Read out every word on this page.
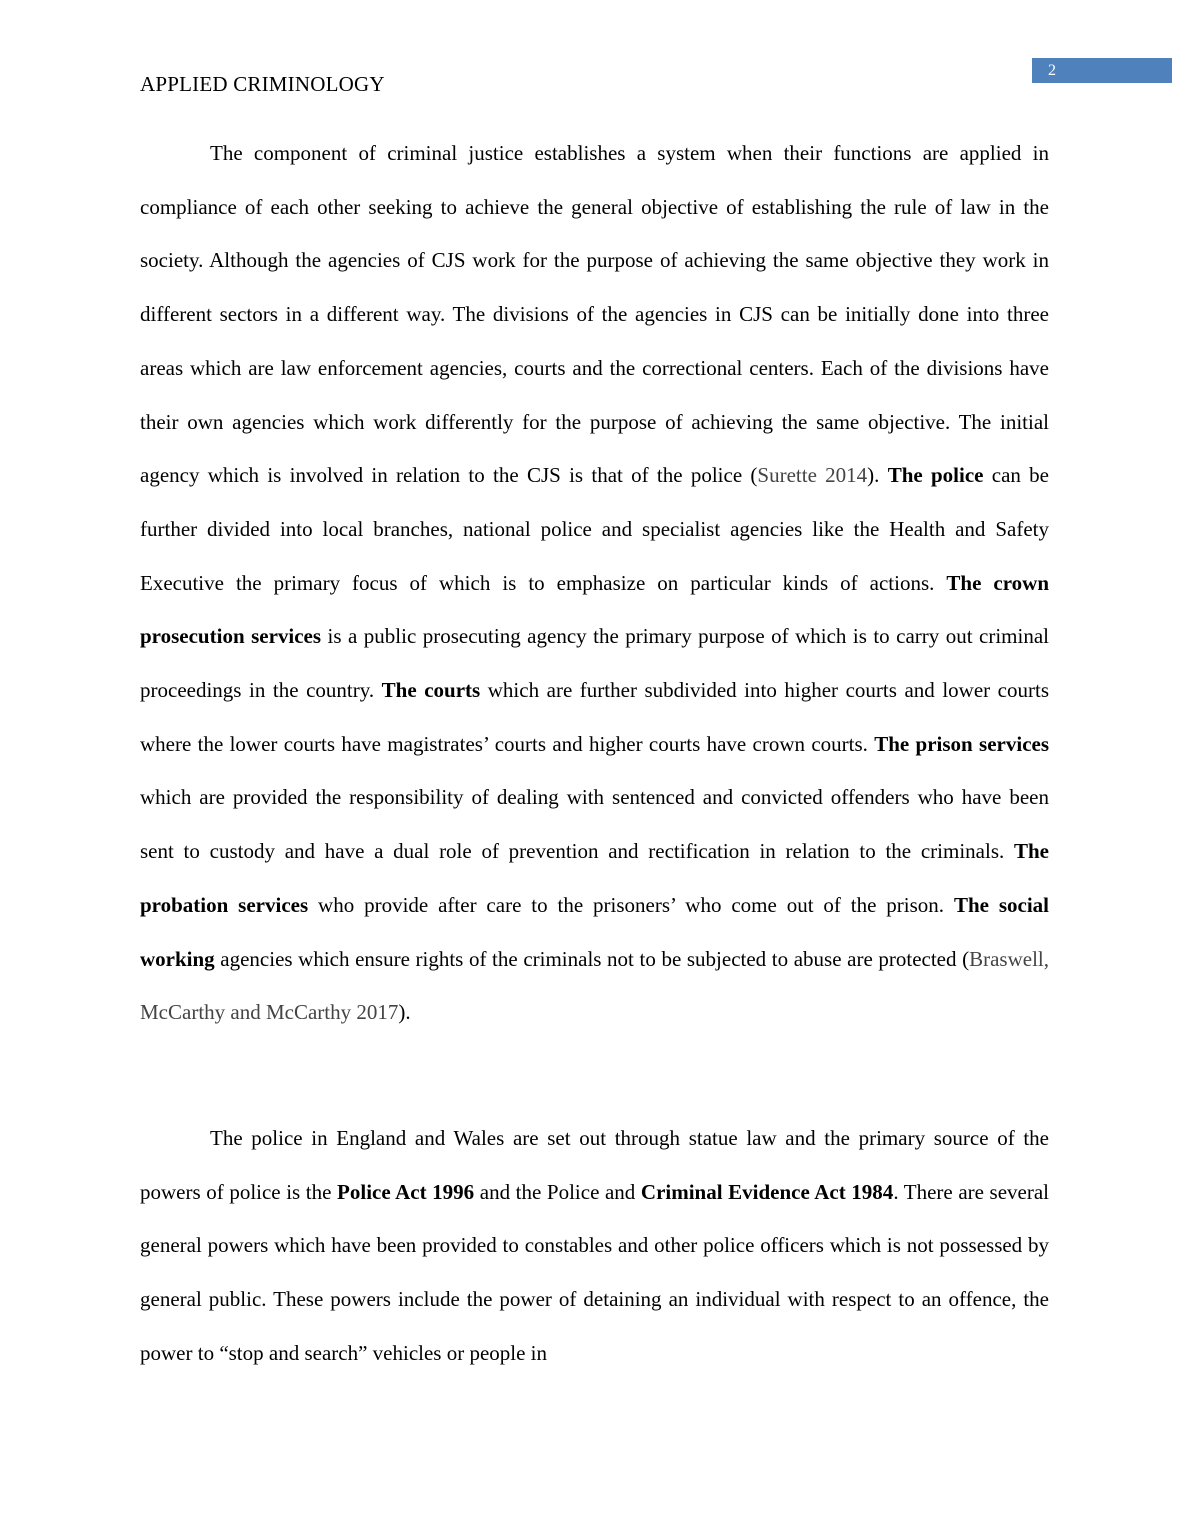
2
APPLIED CRIMINOLOGY

The component of criminal justice establishes a system when their functions are applied in compliance of each other seeking to achieve the general objective of establishing the rule of law in the society. Although the agencies of CJS work for the purpose of achieving the same objective they work in different sectors in a different way. The divisions of the agencies in CJS can be initially done into three areas which are law enforcement agencies, courts and the correctional centers. Each of the divisions have their own agencies which work differently for the purpose of achieving the same objective. The initial agency which is involved in relation to the CJS is that of the police (Surette 2014). The police can be further divided into local branches, national police and specialist agencies like the Health and Safety Executive the primary focus of which is to emphasize on particular kinds of actions. The crown prosecution services is a public prosecuting agency the primary purpose of which is to carry out criminal proceedings in the country. The courts which are further subdivided into higher courts and lower courts where the lower courts have magistrates’ courts and higher courts have crown courts. The prison services which are provided the responsibility of dealing with sentenced and convicted offenders who have been sent to custody and have a dual role of prevention and rectification in relation to the criminals. The probation services who provide after care to the prisoners’ who come out of the prison. The social working agencies which ensure rights of the criminals not to be subjected to abuse are protected (Braswell, McCarthy and McCarthy 2017).

The police in England and Wales are set out through statue law and the primary source of the powers of police is the Police Act 1996 and the Police and Criminal Evidence Act 1984. There are several general powers which have been provided to constables and other police officers which is not possessed by general public. These powers include the power of detaining an individual with respect to an offence, the power to “stop and search” vehicles or people in
